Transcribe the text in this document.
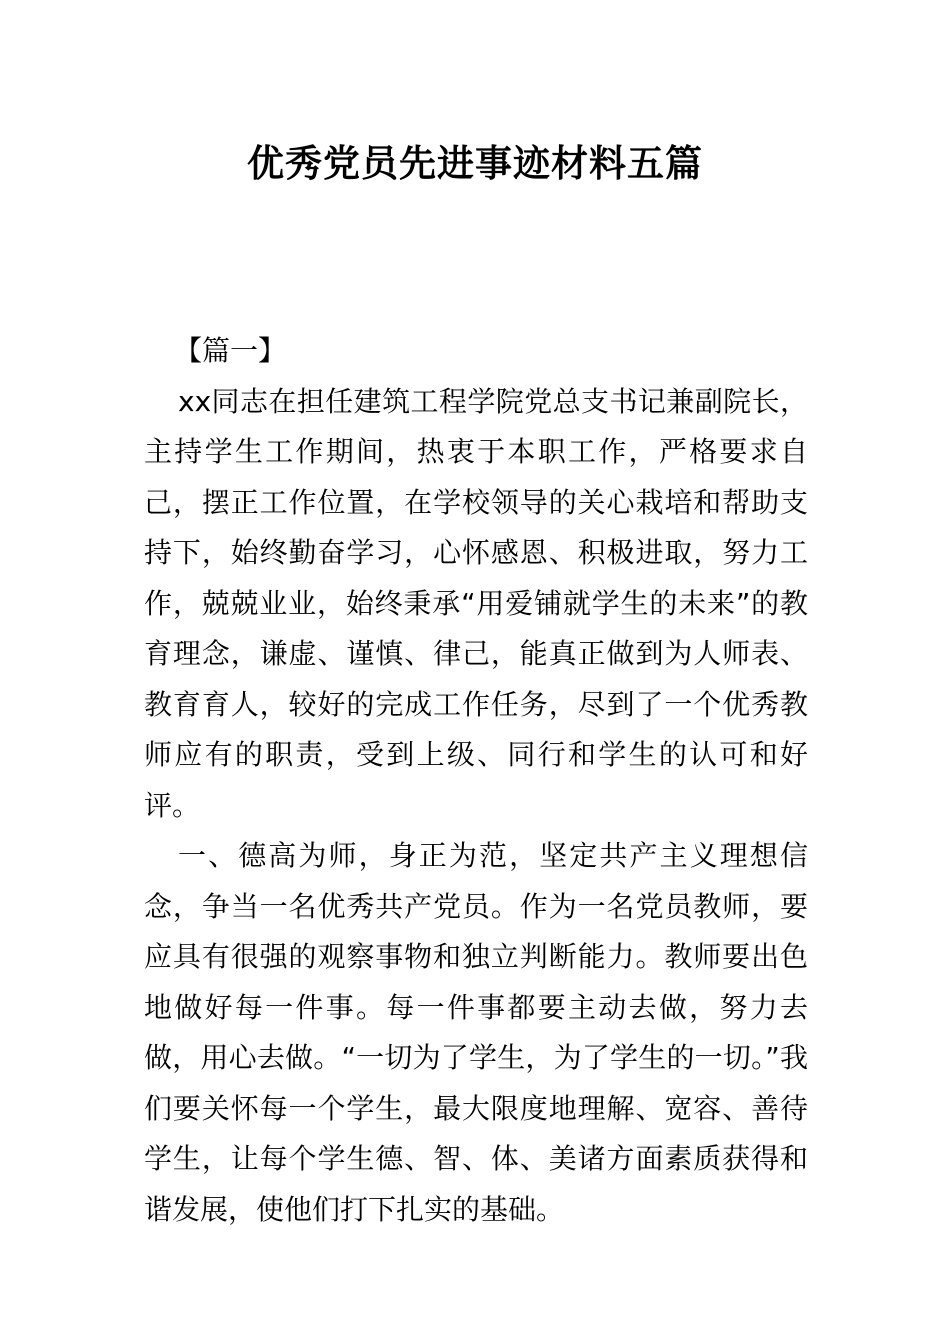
优秀党员先进事迹材料五篇

【篇一】

xx同志在担任建筑工程学院党总支书记兼副院长，主持学生工作期间，热衷于本职工作，严格要求自己，摆正工作位置，在学校领导的关心栽培和帮助支持下，始终勤奋学习，心怀感恩、积极进取，努力工作，兢兢业业，始终秉承“用爱铺就学生的未来”的教育理念，谦虚、谨慎、律己，能真正做到为人师表、教育育人，较好的完成工作任务，尽到了一个优秀教师应有的职责，受到上级、同行和学生的认可和好评。

一、德高为师，身正为范，坚定共产主义理想信念，争当一名优秀共产党员。作为一名党员教师，要应具有很强的观察事物和独立判断能力。教师要出色地做好每一件事。每一件事都要主动去做，努力去做，用心去做。“一切为了学生，为了学生的一切。”我们要关怀每一个学生，最大限度地理解、宽容、善待学生，让每个学生德、智、体、美诸方面素质获得和谐发展，使他们打下扎实的基础。
